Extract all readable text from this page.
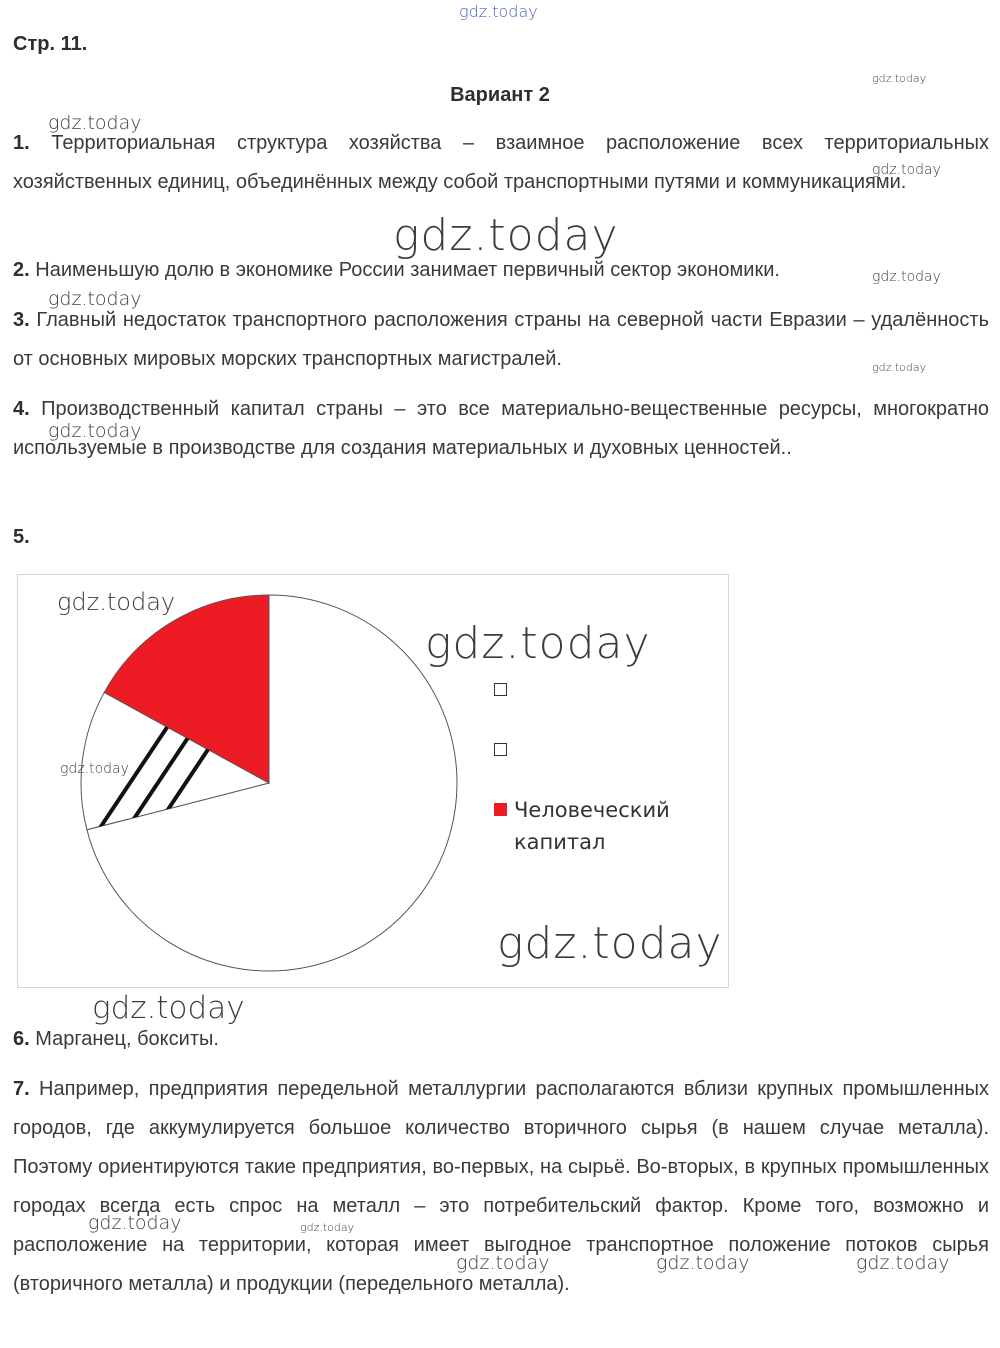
gdz.today
Стр. 11.
Вариант 2

1. Территориальная структура хозяйства – взаимное расположение всех территориальных хозяйственных единиц, объединённых между собой транспортными путями и коммуникациями.

2. Наименьшую долю в экономике России занимает первичный сектор экономики.

3. Главный недостаток транспортного расположения страны на северной части Евразии – удалённость от основных мировых морских транспортных магистралей.

4. Производственный капитал страны – это все материально-вещественные ресурсы, многократно используемые в производстве для создания материальных и духовных ценностей..

5.
Человеческий капитал

6. Марганец, бокситы.

7. Например, предприятия передельной металлургии располагаются вблизи крупных промышленных городов, где аккумулируется большое количество вторичного сырья (в нашем случае металла). Поэтому ориентируются такие предприятия, во-первых, на сырьё. Во-вторых, в крупных промышленных городах всегда есть спрос на металл – это потребительский фактор. Кроме того, возможно и расположение на территории, которая имеет выгодное транспортное положение потоков сырья (вторичного металла) и продукции (передельного металла).

gdz.today
gdz.today
gdz.today
gdz.today
gdz.today
gdz.today
gdz.today
gdz.today
gdz.today
gdz.today
gdz.today
gdz.today
gdz.today
gdz.today	gdz.today
gdz.today	gdz.today	gdz.today
